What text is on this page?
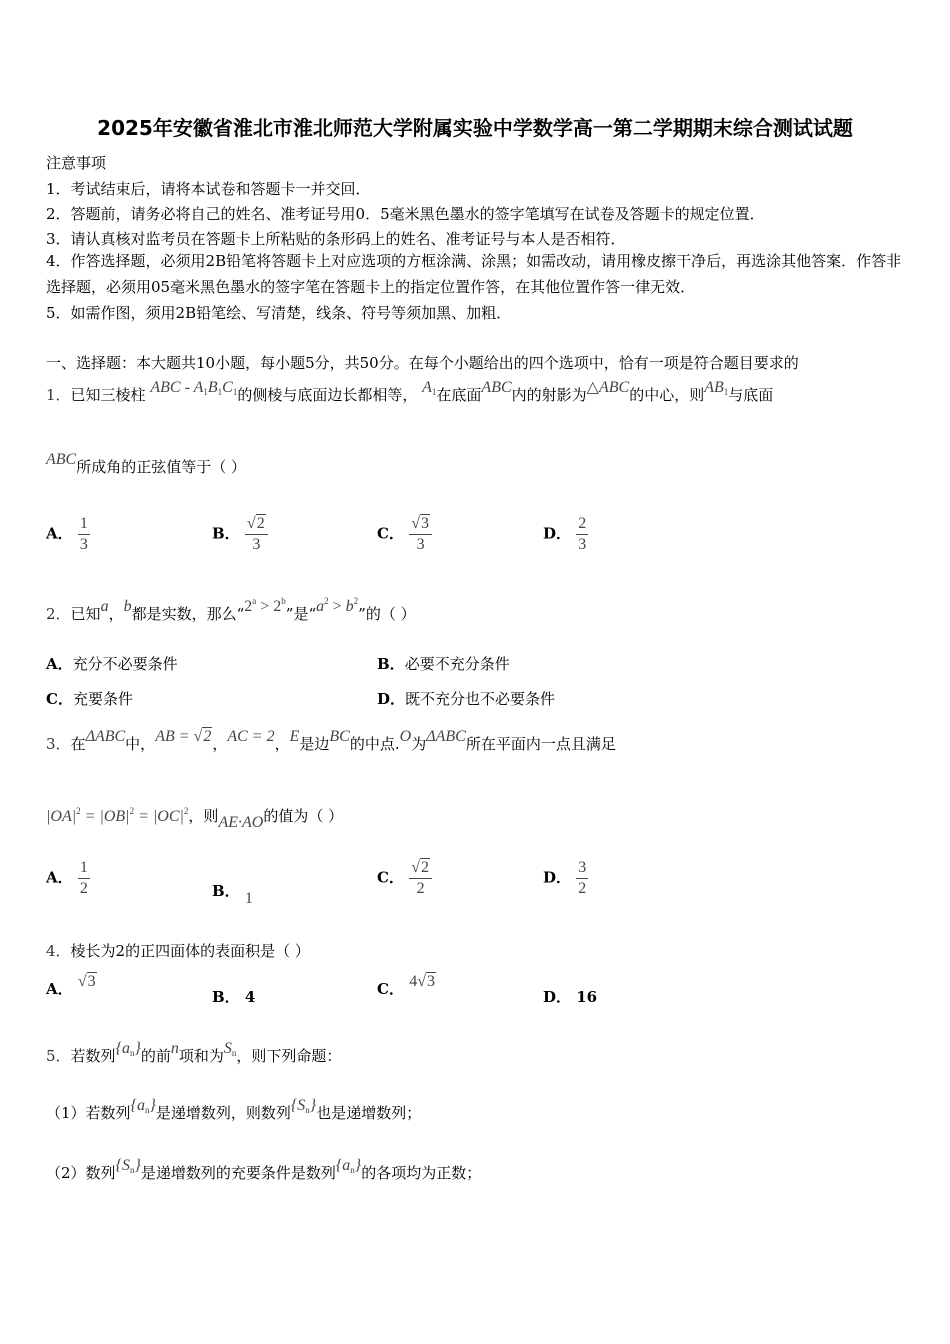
2025年安徽省淮北市淮北师范大学附属实验中学数学高一第二学期期末综合测试试题
注意事项
1．考试结束后，请将本试卷和答题卡一并交回．
2．答题前，请务必将自己的姓名、准考证号用0．5毫米黑色墨水的签字笔填写在试卷及答题卡的规定位置．
3．请认真核对监考员在答题卡上所粘贴的条形码上的姓名、准考证号与本人是否相符．
4．作答选择题，必须用2B铅笔将答题卡上对应选项的方框涂满、涂黑；如需改动，请用橡皮擦干净后，再选涂其他答案．作答非选择题，必须用05毫米黑色墨水的签字笔在答题卡上的指定位置作答，在其他位置作答一律无效．
5．如需作图，须用2B铅笔绘、写清楚，线条、符号等须加黑、加粗．
一、选择题：本大题共10小题，每小题5分，共50分。在每个小题给出的四个选项中，恰有一项是符合题目要求的
1．已知三棱柱 ABC - $A_1B_1C_1$的侧棱与底面边长都相等， $A_1$在底面ABC内的射影为△ABC的中心，则$AB_1$与底面
ABC所成角的正弦值等于（ ）
A． $\frac{1}{3}$	B． $\frac{√2}{3}$	C． $\frac{√3}{3}$	D． $\frac{2}{3}$
2．已知a，b都是实数，那么“$2^a > 2^b$”是“$a^2 > b^2$”的（ ）
A．充分不必要条件	B．必要不充分条件
C．充要条件	D．既不充分也不必要条件
3．在ΔABC中，AB = √2，AC = 2，E是边BC的中点.O为ΔABC所在平面内一点且满足
$|OA|^2 = |OB|^2 = |OC|^2$，则AE·AO的值为（ ）
A． $\frac{1}{2}$	B． 1
C． $\frac{√2}{2}$	D． $\frac{3}{2}$
4．棱长为2的正四面体的表面积是（ ）
A． √3
B． 4	C． 4√3
D． 16
5．若数列$\{a_n\}$的前n项和为$S_n$，则下列命题：
（1）若数列$\{a_n\}$是递增数列，则数列$\{S_n\}$也是递增数列；
（2）数列$\{S_n\}$是递增数列的充要条件是数列$\{a_n\}$的各项均为正数；
